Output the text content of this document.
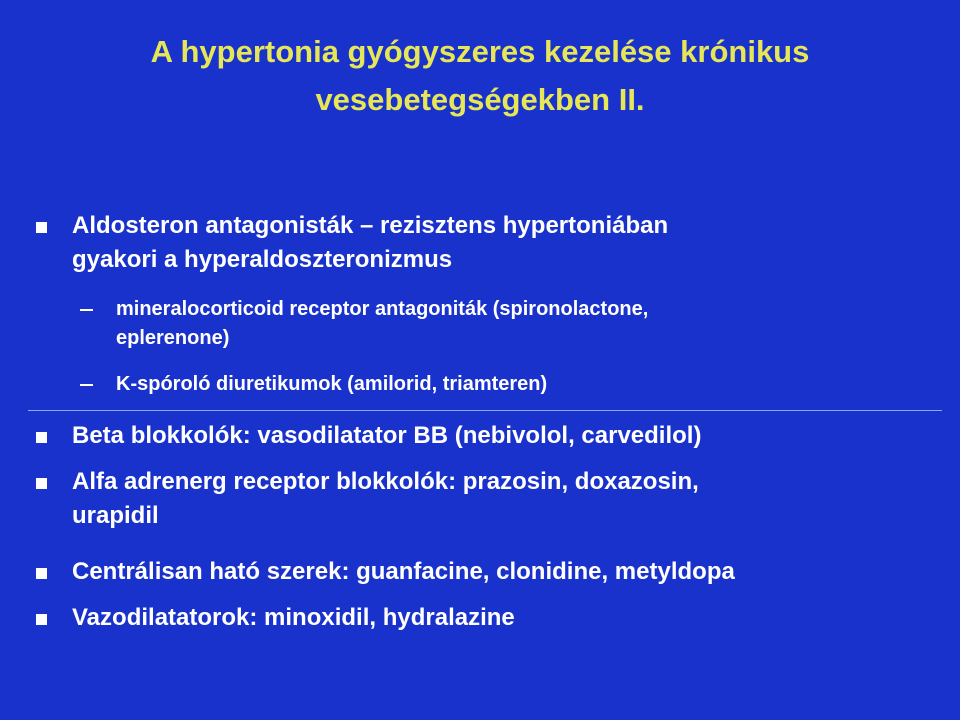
A hypertonia gyógyszeres kezelése krónikus
vesebetegségekben II.
Aldosteron antagonisták – rezisztens hypertoniában
gyakori a hyperaldoszteronizmus
mineralocorticoid receptor antagoniták (spironolactone,
eplerenone)
K-spóroló diuretikumok (amilorid, triamteren)
Beta blokkolók: vasodilatator BB (nebivolol, carvedilol)
Alfa adrenerg receptor blokkolók: prazosin, doxazosin,
urapidil
Centrálisan ható szerek: guanfacine, clonidine, metyldopa
Vazodilatatorok: minoxidil, hydralazine
